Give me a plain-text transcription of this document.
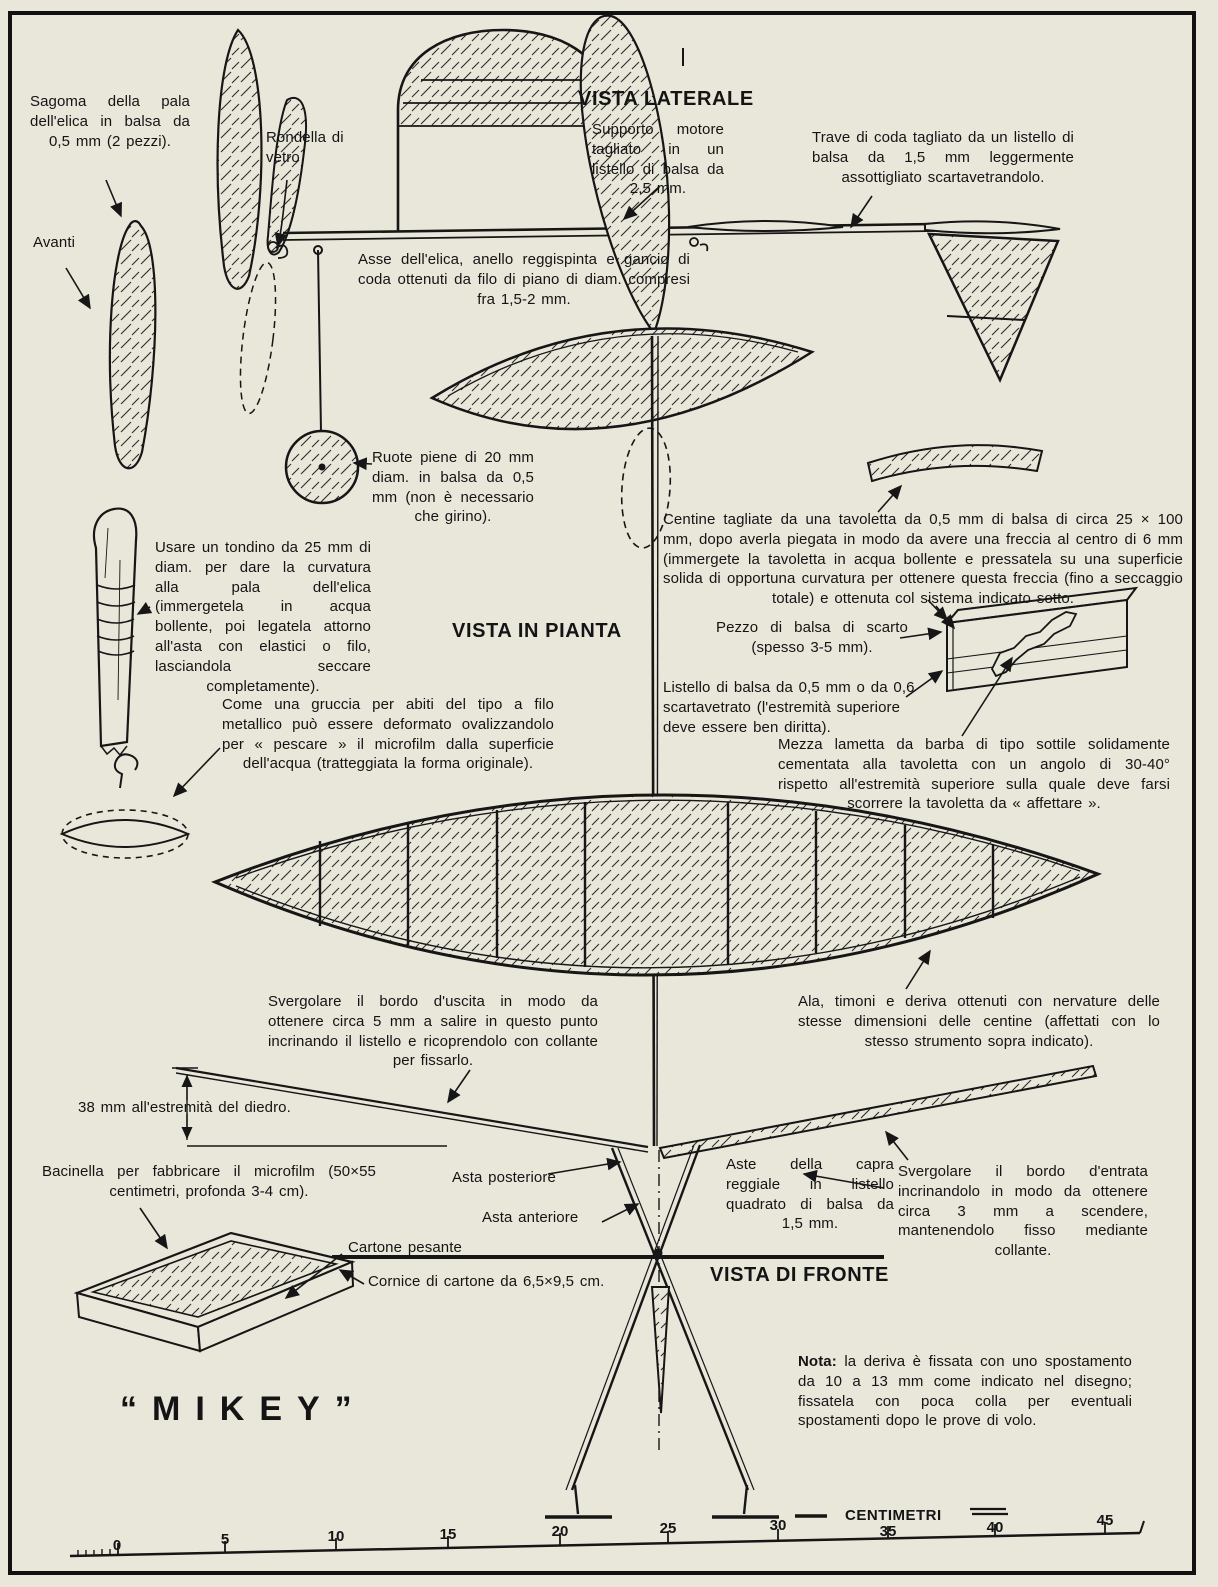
VISTA LATERALE
VISTA IN PIANTA
VISTA DI FRONTE
Sagoma della pala dell'elica in balsa da 0,5 mm (2 pezzi).
Avanti
Rondella di vetro
Supporto motore tagliato in un listello di balsa da 2,5 mm.
Trave di coda tagliato da un listello di balsa da 1,5 mm leggermente assottigliato scartavetrandolo.
Asse dell'elica, anello reggispinta e gancio di coda ottenuti da filo di piano di diam. compresi fra 1,5-2 mm.
Ruote piene di 20 mm diam. in balsa da 0,5 mm (non è necessario che girino).
Usare un tondino da 25 mm di diam. per dare la curvatura alla pala dell'elica (immergetela in acqua bollente, poi legatela attorno all'asta con elastici o filo, lasciandola seccare completamente).
Centine tagliate da una tavoletta da 0,5 mm di balsa di circa 25 × 100 mm, dopo averla piegata in modo da avere una freccia al centro di 6 mm (immergete la tavoletta in acqua bollente e pressatela su una superficie solida di opportuna curvatura per ottenere questa freccia (fino a seccaggio totale) e ottenuta col sistema indicato sotto.
Pezzo di balsa di scarto (spesso 3-5 mm).
Listello di balsa da 0,5 mm o da 0,6 scartavetrato (l'estremità superiore deve essere ben diritta).
Come una gruccia per abiti del tipo a filo metallico può essere deformato ovalizzandolo per « pescare » il microfilm dalla superficie dell'acqua (tratteggiata la forma originale).
Mezza lametta da barba di tipo sottile solidamente cementata alla tavoletta con un angolo di 30-40° rispetto all'estremità superiore sulla quale deve farsi scorrere la tavoletta da « affettare ».
Svergolare il bordo d'uscita in modo da ottenere circa 5 mm a salire in questo punto incrinando il listello e ricoprendolo con collante per fissarlo.
Ala, timoni e deriva ottenuti con nervature delle stesse dimensioni delle centine (affettati con lo stesso strumento sopra indicato).
38 mm all'estremità del diedro.
Bacinella per fabbricare il microfilm (50×55 centimetri, profonda 3-4 cm).
Asta posteriore
Asta anteriore
Aste della capra reggiale in listello quadrato di balsa da 1,5 mm.
Svergolare il bordo d'entrata incrinandolo in modo da ottenere circa 3 mm a scendere, mantenendolo fisso mediante collante.
Cartone pesante
Cornice di cartone da 6,5×9,5 cm.
Nota: la deriva è fissata con uno spostamento da 10 a 13 mm come indicato nel disegno; fissatela con poca colla per eventuali spostamenti dopo le prove di volo.
“MIKEY”
CENTIMETRI
0	5	10	15	20	25	30	35	40	45
